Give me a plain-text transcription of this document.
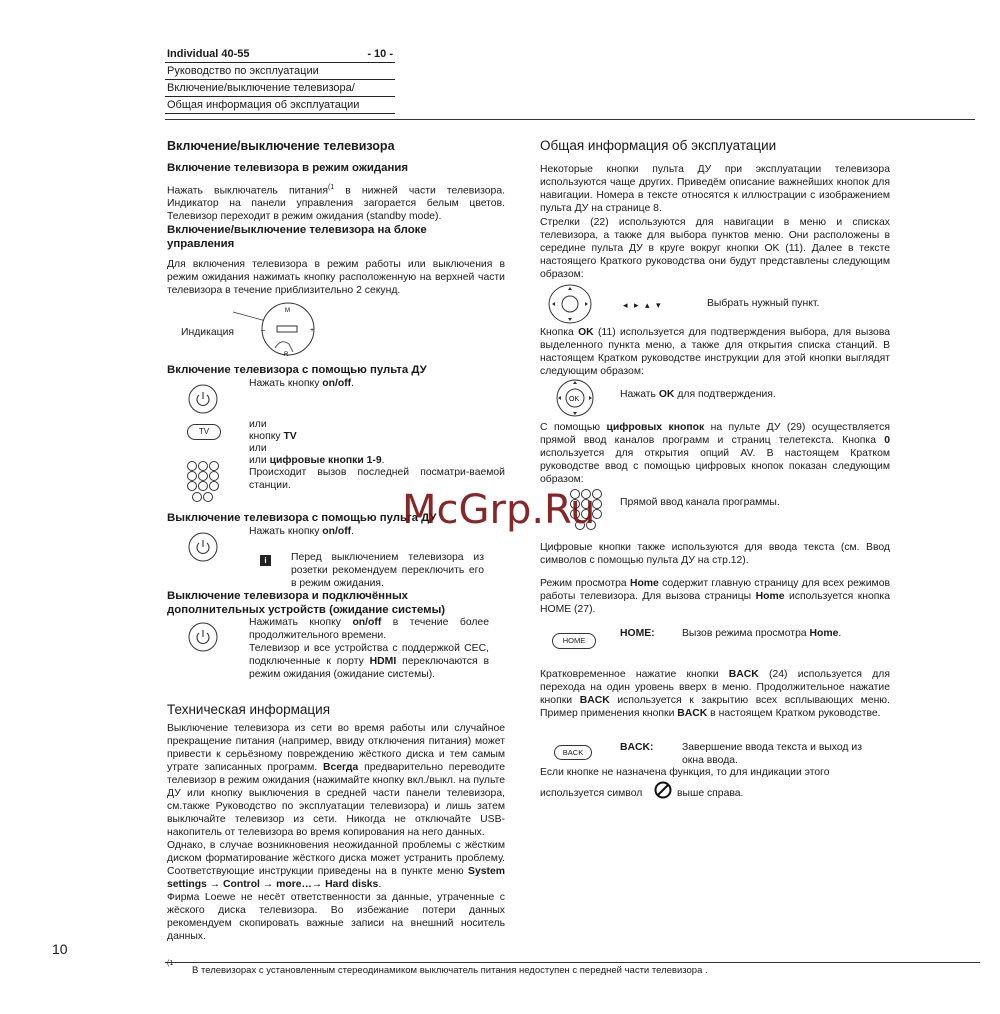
Individual 40-55	- 10 -
Руководство по эксплуатации
Включение/выключение телевизора/
Общая информация об эксплуатации
Включение/выключение телевизора
Включение телевизора в режим ожидания

Нажать выключатель питания$^{(1}$ в нижней части телевизора. Индикатор на панели управления загорается белым цветов. Телевизор переходит в режим ожидания (standby mode).

Включение/выключение телевизора на блоке управления
Для включения телевизора в режим работы или выключения в режим ожидания нажимать кнопку расположенную на верхней части телевизора в течение приблизительно 2 секунд.
Индикация
M
R
–	+
Включение телевизора с помощью пульта ДУ
Нажать кнопку on/off.
или
кнопку TV
или
или цифровые кнопки 1-9.
TV
Происходит вызов последней посматри-ваемой станции.
Выключение телевизора с помощью пульта ДУ
Нажать кнопку on/off.
i	Перед выключением телевизора из розетки рекомендуем переключить его в режим ожидания.
Выключение телевизора и подключённых дополнительных устройств (ожидание системы)

Нажимать кнопку on/off в течение более продолжительного времени.

Телевизор и все устройства с поддержкой CEC, подключенные к порту HDMI переключаются в режим ожидания (ожидание системы).

Техническая информация

Выключение телевизора из сети во время работы или случайное прекращение питания (например, ввиду отключения питания) может привести к серьёзному повреждению жёсткого диска и тем самым утрате записанных программ. Всегда предварительно переводите телевизор в режим ожидания (нажимайте кнопку вкл./выкл. на пульте ДУ или кнопку выключения в средней части панели телевизора, см.также Руководство по эксплуатации телевизора) и лишь затем выключайте телевизор из сети. Никогда не отключайте USB-накопитель от телевизора во время копирования на него данных.

Однако, в случае возникновения неожиданной проблемы с жёстким диском форматирование жёсткого диска может устранить проблему. Соответствующие инструкции приведены на в пункте меню System settings → Control → more…→ Hard disks.

Фирма Loewe не несёт ответственности за данные, утраченные с жёского диска телевизора. Во избежание потери данных рекомендуем скопировать важные записи на внешний носитель данных.

Общая информация об эксплуатации
Некоторые кнопки пульта ДУ при эксплуатации телевизора используются чаще других. Приведём описание важнейших кнопок для навигации. Номера в тексте относятся к иллюстрации с изображением пульта ДУ на странице 8.
Стрелки (22) используются для навигации в меню и списках телевизора, а также для выбора пунктов меню. Они расположены в середине пульта ДУ в круге вокруг кнопки OK (11). Далее в тексте настоящего Краткого руководства они будут представлены следующим образом:
◂ ▸ ▴ ▾	Выбрать нужный пункт.

Кнопка OK (11) используется для подтверждения выбора, для вызова выделенного пункта меню, а также для открытия списка станций. В настоящем Кратком руководстве инструкции для этой кнопки выглядят следующим образом:

OK	Нажать OK для подтверждения.

С помощью цифровых кнопок на пульте ДУ (29) осуществляется прямой ввод каналов программ и страниц телетекста. Кнопка 0 используется для открытия опций AV. В настоящем Кратком руководстве ввод с помощью цифровых кнопок показан следующим образом:

Прямой ввод канала программы.
Цифровые кнопки также используются для ввода текста (см. Ввод символов с помощью пульта ДУ на стр.12).

Режим просмотра Home содержит главную страницу для всех режимов работы телевизора. Для вызова страницы Home используется кнопка HOME (27).

HOME
HOME:	Вызов режима просмотра Home.

Кратковременное нажатие кнопки BACK (24) используется для перехода на один уровень вверх в меню. Продолжительное нажатие кнопки BACK используется к закрытию всех всплывающих меню. Пример применения кнопки BACK в настоящем Кратком руководстве.

BACK	BACK:	Завершение ввода текста и выход из окна ввода.
Если кнопке не назначена функция, то для индикации этого
используется символ	выше справа.
McGrp.Ru
10
(1
В телевизорах с установленным стереодинамиком выключатель питания недоступен с передней части телевизора .
